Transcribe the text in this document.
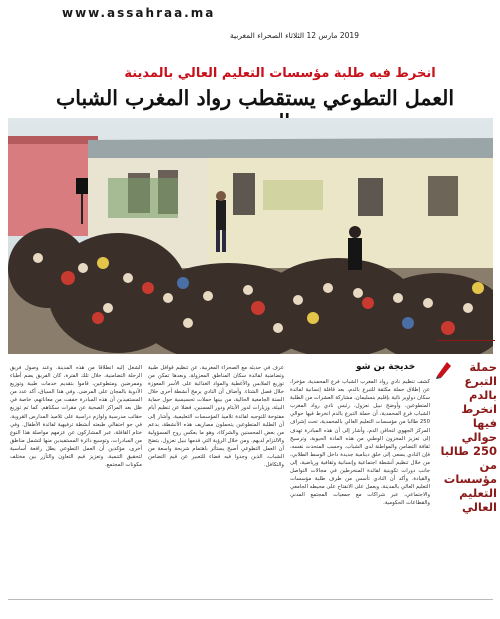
www.assahraa.ma
2019 مارس 12 الثلاثاء الصحراء المغربية
انخرط فيه طلبة مؤسسات التعليم العالي بالمدينة
العمل التطوعي يستقطب رواد المغرب الشباب
خديجة بن شو	حملة التبرع بالدم انخرط فيها حوالي 250 طالبا من مؤسسات التعليم العالي
كشف تنظيم نادي رواد المغرب الشباب فرع المحمدية، مؤخرا، عن إطلاق حملة مكثفة للتبرع بالدم، بعد قافلة إنسانية لفائدة سكان دواوير نائية بإقليم بنسليمان، مشاركة العشرات من الطلبة المتطوعين. وأوضح نبيل نعزول، رئيس نادي رواد المغرب الشباب فرع المحمدية، أن حملة التبرع بالدم انخرط فيها حوالي 250 طالبا من مؤسسات التعليم العالي بالمحمدية، تحت إشراف المركز الجهوي لتحاقن الدم، وأشار إلى أن هذه المبادرة تهدف إلى تعزيز المخزون الوطني من هذه المادة الحيوية، وترسيخ ثقافة التضامن والمواطنة لدى الشباب. وحسب المتحدث نفسه، فإن النادي يسعى إلى خلق دينامية جديدة داخل الوسط الطلابي، من خلال تنظيم أنشطة اجتماعية وإنسانية وثقافية ورياضية، إلى جانب دورات تكوينية لفائدة المنخرطين في مجالات التواصل والقيادة. وأكد أن النادي تأسس من طرف طلبة مؤسسات التعليم العالي بالمدينة، ويعمل على الانفتاح على محيطه الجامعي والاجتماعي، عبر شراكات مع جمعيات المجتمع المدني والقطاعات الحكومية.
عرف في حديثه مع الصحراء المغربية، عن تنظيم قوافل طبية وتضامنية لفائدة سكان المناطق المعزولة، وبعدها تمكن من توزيع الملابس والأغطية والمواد الغذائية على الأسر المعوزة خلال فصل الشتاء. وأضاف أن النادي برمج أنشطة أخرى خلال السنة الجامعية الحالية، من بينها حملات تحسيسية حول حماية البيئة، وزيارات لدور الأيتام ودور المسنين، فضلا عن تنظيم أيام مفتوحة للتوجيه لفائدة تلاميذ المؤسسات التعليمية. وأشار إلى أن الطلبة المتطوعين يتحملون مصاريف هذه الأنشطة، بدعم من بعض المحسنين والشركاء، وهو ما يعكس روح المسؤولية والالتزام لديهم. ومن خلال الرؤية التي قدمها نبيل نعزول، يتضح أن العمل التطوعي أصبح يستأثر باهتمام شريحة واسعة من الشباب، الذين وجدوا فيه فضاء للتعبير عن قيم التضامن والتكافل.
الشغل إليه انطلاقا من هذه المدينة. وعند وصول فريق الرحلة التضامنية، خلال تلك الفترة، كان الفريق يضم أطباء وممرضين ومتطوعين، قاموا بتقديم خدمات طبية وتوزيع الأدوية بالمجان على المرضى. وفي هذا السياق، أكد عدد من المستفيدين أن هذه المبادرة خففت من معاناتهم، خاصة في ظل بعد المراكز الصحية عن مقرات سكناهم. كما تم توزيع حقائب مدرسية ولوازم دراسية على تلاميذ المدارس القروية، في جو احتفالي طبعته أنشطة ترفيهية لفائدة الأطفال. وفي ختام القافلة، عبر المشاركون عن عزمهم مواصلة هذا النوع من المبادرات، وتوسيع دائرة المستفيدين منها لتشمل مناطق أخرى، مؤكدين أن العمل التطوعي يظل رافعة أساسية لتحقيق التنمية، وتعزيز قيم التعاون والتآزر بين مختلف مكونات المجتمع.
